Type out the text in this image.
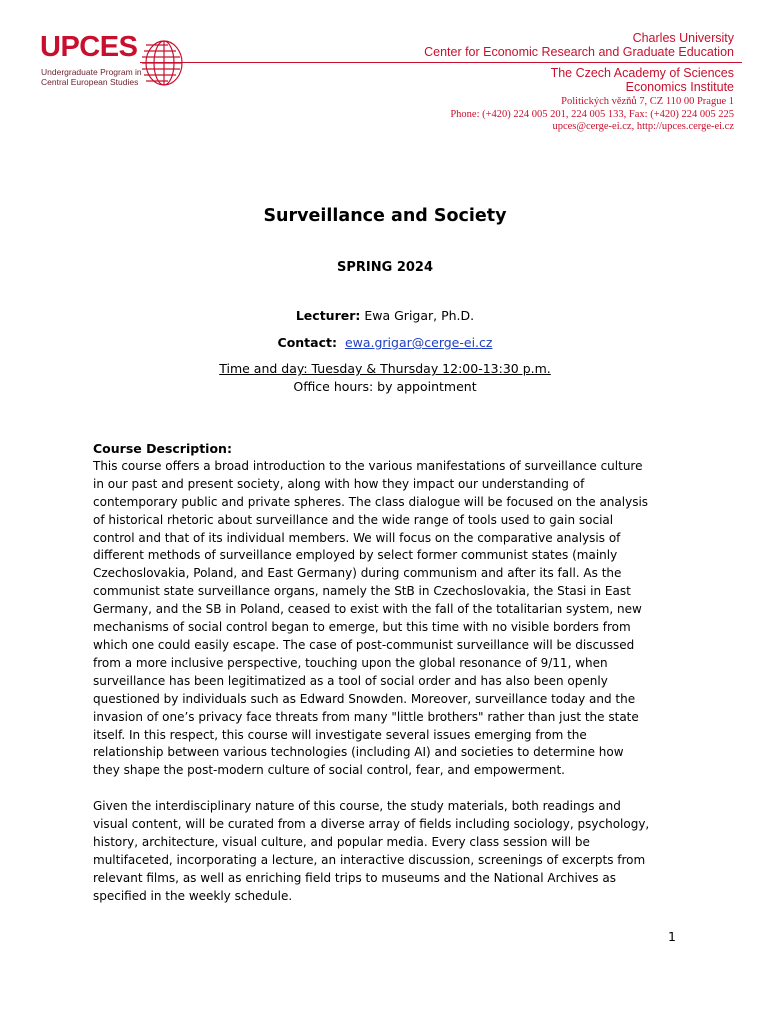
UPCES
Undergraduate Program in
Central European Studies
Charles University
Center for Economic Research and Graduate Education
The Czech Academy of Sciences
Economics Institute
Politických vězňů 7, CZ 110 00 Prague 1
Phone: (+420) 224 005 201, 224 005 133, Fax: (+420) 224 005 225
upces@cerge-ei.cz, http://upces.cerge-ei.cz
Surveillance and Society
SPRING 2024
Lecturer: Ewa Grigar, Ph.D.
Contact: ewa.grigar@cerge-ei.cz
Time and day: Tuesday & Thursday 12:00-13:30 p.m.
Office hours: by appointment
Course Description:

This course offers a broad introduction to the various manifestations of surveillance culture

in our past and present society, along with how they impact our understanding of

contemporary public and private spheres. The class dialogue will be focused on the analysis

of historical rhetoric about surveillance and the wide range of tools used to gain social

control and that of its individual members. We will focus on the comparative analysis of

different methods of surveillance employed by select former communist states (mainly

Czechoslovakia, Poland, and East Germany) during communism and after its fall. As the

communist state surveillance organs, namely the StB in Czechoslovakia, the Stasi in East

Germany, and the SB in Poland, ceased to exist with the fall of the totalitarian system, new

mechanisms of social control began to emerge, but this time with no visible borders from

which one could easily escape. The case of post-communist surveillance will be discussed

from a more inclusive perspective, touching upon the global resonance of 9/11, when

surveillance has been legitimatized as a tool of social order and has also been openly

questioned by individuals such as Edward Snowden. Moreover, surveillance today and the

invasion of one’s privacy face threats from many "little brothers" rather than just the state

itself. In this respect, this course will investigate several issues emerging from the

relationship between various technologies (including AI) and societies to determine how

they shape the post-modern culture of social control, fear, and empowerment.

Given the interdisciplinary nature of this course, the study materials, both readings and

visual content, will be curated from a diverse array of fields including sociology, psychology,

history, architecture, visual culture, and popular media. Every class session will be

multifaceted, incorporating a lecture, an interactive discussion, screenings of excerpts from

relevant films, as well as enriching field trips to museums and the National Archives as

specified in the weekly schedule.

1
